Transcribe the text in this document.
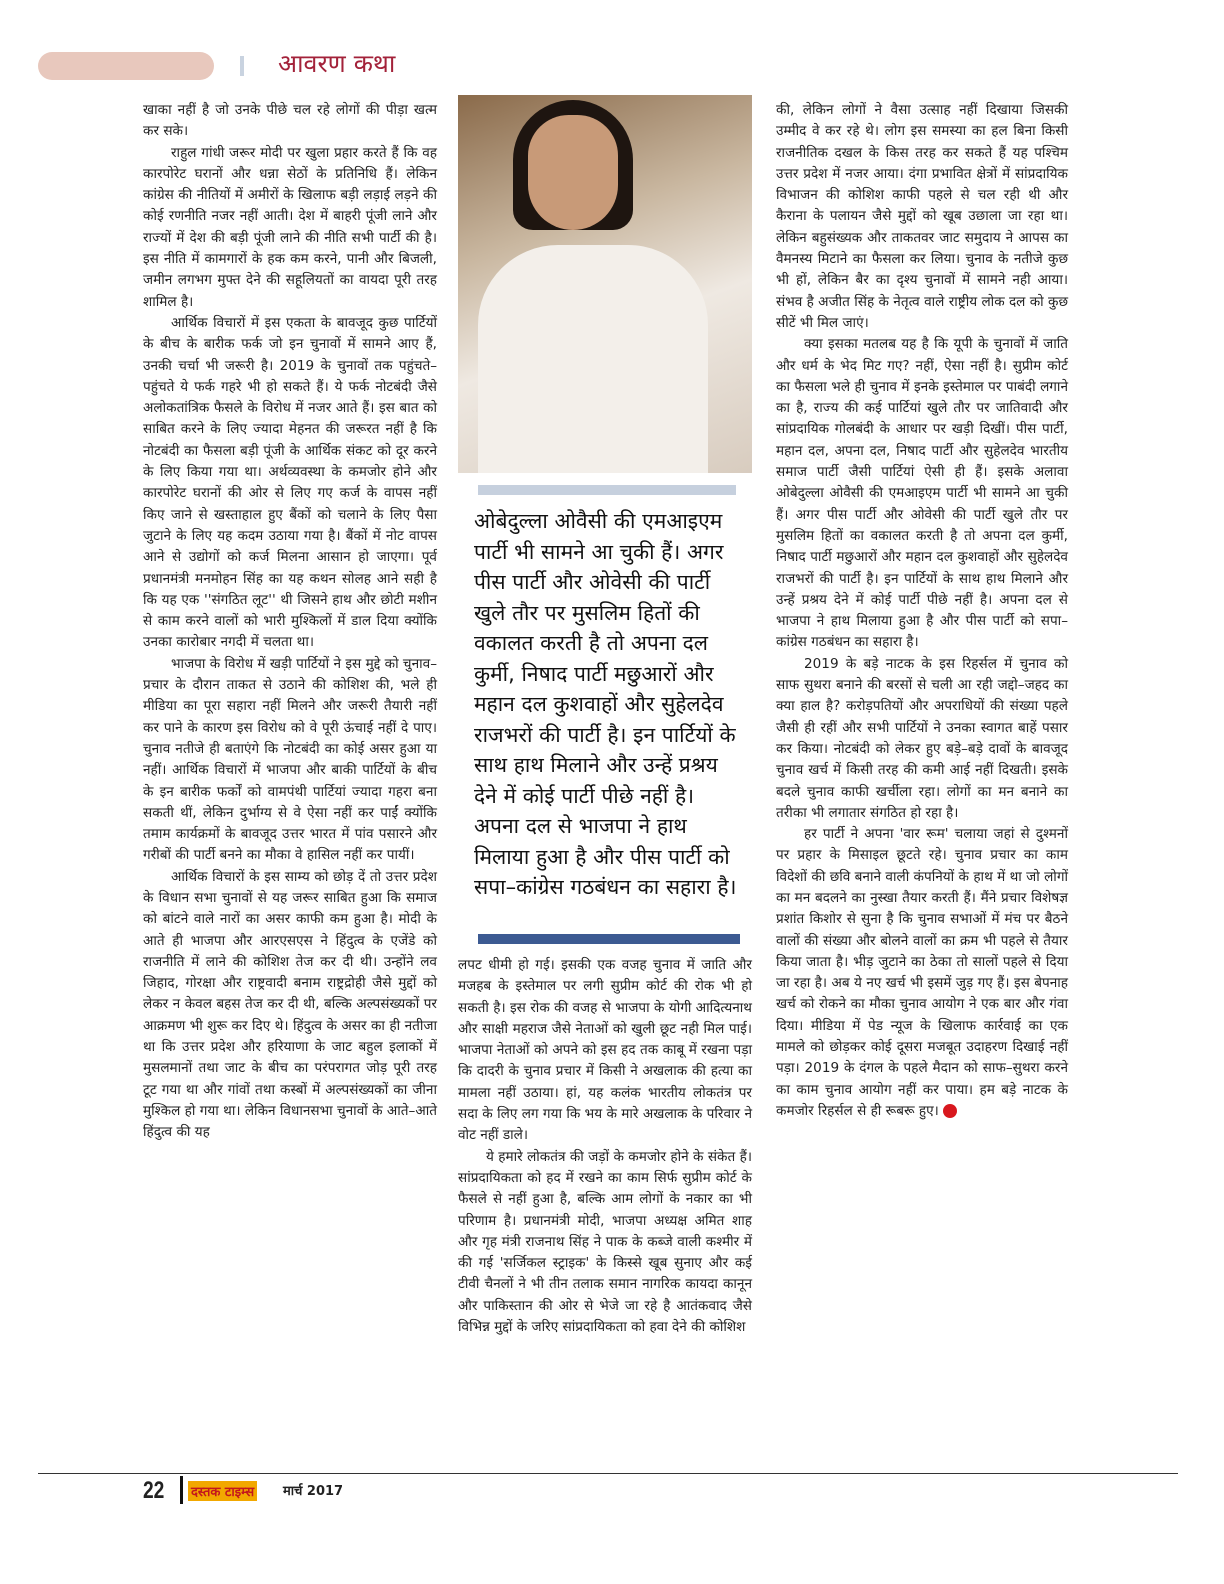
आवरण कथा

खाका नहीं है जो उनके पीछे चल रहे लोगों की पीड़ा खत्म कर सके।

राहुल गांधी जरूर मोदी पर खुला प्रहार करते हैं कि वह कारपोरेट घरानों और धन्ना सेठों के प्रतिनिधि हैं। लेकिन कांग्रेस की नीतियों में अमीरों के खिलाफ बड़ी लड़ाई लड़ने की कोई रणनीति नजर नहीं आती। देश में बाहरी पूंजी लाने और राज्यों में देश की बड़ी पूंजी लाने की नीति सभी पार्टी की है। इस नीति में कामगारों के हक कम करने, पानी और बिजली, जमीन लगभग मुफ्त देने की सहूलियतों का वायदा पूरी तरह शामिल है।

आर्थिक विचारों में इस एकता के बावजूद कुछ पार्टियों के बीच के बारीक फर्क जो इन चुनावों में सामने आए हैं, उनकी चर्चा भी जरूरी है। 2019 के चुनावों तक पहुंचते–पहुंचते ये फर्क गहरे भी हो सकते हैं। ये फर्क नोटबंदी जैसे अलोकतांत्रिक फैसले के विरोध में नजर आते हैं। इस बात को साबित करने के लिए ज्यादा मेहनत की जरूरत नहीं है कि नोटबंदी का फैसला बड़ी पूंजी के आर्थिक संकट को दूर करने के लिए किया गया था। अर्थव्यवस्था के कमजोर होने और कारपोरेट घरानों की ओर से लिए गए कर्ज के वापस नहीं किए जाने से खस्ताहाल हुए बैंकों को चलाने के लिए पैसा जुटाने के लिए यह कदम उठाया गया है। बैंकों में नोट वापस आने से उद्योगों को कर्ज मिलना आसान हो जाएगा। पूर्व प्रधानमंत्री मनमोहन सिंह का यह कथन सोलह आने सही है कि यह एक ''संगठित लूट'' थी जिसने हाथ और छोटी मशीन से काम करने वालों को भारी मुश्किलों में डाल दिया क्योंकि उनका कारोबार नगदी में चलता था।

भाजपा के विरोध में खड़ी पार्टियों ने इस मुद्दे को चुनाव–प्रचार के दौरान ताकत से उठाने की कोशिश की, भले ही मीडिया का पूरा सहारा नहीं मिलने और जरूरी तैयारी नहीं कर पाने के कारण इस विरोध को वे पूरी ऊंचाई नहीं दे पाए। चुनाव नतीजे ही बताएंगे कि नोटबंदी का कोई असर हुआ या नहीं। आर्थिक विचारों में भाजपा और बाकी पार्टियों के बीच के इन बारीक फर्कों को वामपंथी पार्टियां ज्यादा गहरा बना सकती थीं, लेकिन दुर्भाग्य से वे ऐसा नहीं कर पाईं क्योंकि तमाम कार्यक्रमों के बावजूद उत्तर भारत में पांव पसारने और गरीबों की पार्टी बनने का मौका वे हासिल नहीं कर पायीं।

आर्थिक विचारों के इस साम्य को छोड़ दें तो उत्तर प्रदेश के विधान सभा चुनावों से यह जरूर साबित हुआ कि समाज को बांटने वाले नारों का असर काफी कम हुआ है। मोदी के आते ही भाजपा और आरएसएस ने हिंदुत्व के एजेंडे को राजनीति में लाने की कोशिश तेज कर दी थी। उन्होंने लव जिहाद, गोरक्षा और राष्ट्रवादी बनाम राष्ट्रद्रोही जैसे मुद्दों को लेकर न केवल बहस तेज कर दी थी, बल्कि अल्पसंख्यकों पर आक्रमण भी शुरू कर दिए थे। हिंदुत्व के असर का ही नतीजा था कि उत्तर प्रदेश और हरियाणा के जाट बहुल इलाकों में मुसलमानों तथा जाट के बीच का परंपरागत जोड़ पूरी तरह टूट गया था और गांवों तथा कस्बों में अल्पसंख्यकों का जीना मुश्किल हो गया था। लेकिन विधानसभा चुनावों के आते–आते हिंदुत्व की यह

ओबेदुल्ला ओवैसी की एमआइएम पार्टी भी सामने आ चुकी हैं। अगर पीस पार्टी और ओवेसी की पार्टी खुले तौर पर मुसलिम हितों की वकालत करती है तो अपना दल कुर्मी, निषाद पार्टी मछुआरों और महान दल कुशवाहों और सुहेलदेव राजभरों की पार्टी है। इन पार्टियों के साथ हाथ मिलाने और उन्हें प्रश्रय देने में कोई पार्टी पीछे नहीं है। अपना दल से भाजपा ने हाथ मिलाया हुआ है और पीस पार्टी को सपा–कांग्रेस गठबंधन का सहारा है।

लपट धीमी हो गई। इसकी एक वजह चुनाव में जाति और मजहब के इस्तेमाल पर लगी सुप्रीम कोर्ट की रोक भी हो सकती है। इस रोक की वजह से भाजपा के योगी आदित्यनाथ और साक्षी महराज जैसे नेताओं को खुली छूट नही मिल पाई। भाजपा नेताओं को अपने को इस हद तक काबू में रखना पड़ा कि दादरी के चुनाव प्रचार में किसी ने अखलाक की हत्या का मामला नहीं उठाया। हां, यह कलंक भारतीय लोकतंत्र पर सदा के लिए लग गया कि भय के मारे अखलाक के परिवार ने वोट नहीं डाले।

ये हमारे लोकतंत्र की जड़ों के कमजोर होने के संकेत हैं। सांप्रदायिकता को हद में रखने का काम सिर्फ सुप्रीम कोर्ट के फैसले से नहीं हुआ है, बल्कि आम लोगों के नकार का भी परिणाम है। प्रधानमंत्री मोदी, भाजपा अध्यक्ष अमित शाह और गृह मंत्री राजनाथ सिंह ने पाक के कब्जे वाली कश्मीर में की गई 'सर्जिकल स्ट्राइक' के किस्से खूब सुनाए और कई टीवी चैनलों ने भी तीन तलाक समान नागरिक कायदा कानून और पाकिस्तान की ओर से भेजे जा रहे है आतंकवाद जैसे विभिन्न मुद्दों के जरिए सांप्रदायिकता को हवा देने की कोशिश

की, लेकिन लोगों ने वैसा उत्साह नहीं दिखाया जिसकी उम्मीद वे कर रहे थे। लोग इस समस्या का हल बिना किसी राजनीतिक दखल के किस तरह कर सकते हैं यह पश्चिम उत्तर प्रदेश में नजर आया। दंगा प्रभावित क्षेत्रों में सांप्रदायिक विभाजन की कोशिश काफी पहले से चल रही थी और कैराना के पलायन जैसे मुद्दों को खूब उछाला जा रहा था। लेकिन बहुसंख्यक और ताकतवर जाट समुदाय ने आपस का वैमनस्य मिटाने का फैसला कर लिया। चुनाव के नतीजे कुछ भी हों, लेकिन बैर का दृश्य चुनावों में सामने नही आया। संभव है अजीत सिंह के नेतृत्व वाले राष्ट्रीय लोक दल को कुछ सीटें भी मिल जाएं।

क्या इसका मतलब यह है कि यूपी के चुनावों में जाति और धर्म के भेद मिट गए? नहीं, ऐसा नहीं है। सुप्रीम कोर्ट का फैसला भले ही चुनाव में इनके इस्तेमाल पर पाबंदी लगाने का है, राज्य की कई पार्टियां खुले तौर पर जातिवादी और सांप्रदायिक गोलबंदी के आधार पर खड़ी दिखीं। पीस पार्टी, महान दल, अपना दल, निषाद पार्टी और सुहेलदेव भारतीय समाज पार्टी जैसी पार्टियां ऐसी ही हैं। इसके अलावा ओबेदुल्ला ओवैसी की एमआइएम पार्टी भी सामने आ चुकी हैं। अगर पीस पार्टी और ओवेसी की पार्टी खुले तौर पर मुसलिम हितों का वकालत करती है तो अपना दल कुर्मी, निषाद पार्टी मछुआरों और महान दल कुशवाहों और सुहेलदेव राजभरों की पार्टी है। इन पार्टियों के साथ हाथ मिलाने और उन्हें प्रश्रय देने में कोई पार्टी पीछे नहीं है। अपना दल से भाजपा ने हाथ मिलाया हुआ है और पीस पार्टी को सपा–कांग्रेस गठबंधन का सहारा है।

2019 के बड़े नाटक के इस रिहर्सल में चुनाव को साफ सुथरा बनाने की बरसों से चली आ रही जद्दो–जहद का क्या हाल है? करोड़पतियों और अपराधियों की संख्या पहले जैसी ही रहीं और सभी पार्टियों ने उनका स्वागत बाहें पसार कर किया। नोटबंदी को लेकर हुए बड़े–बड़े दावों के बावजूद चुनाव खर्च में किसी तरह की कमी आई नहीं दिखती। इसके बदले चुनाव काफी खर्चीला रहा। लोगों का मन बनाने का तरीका भी लगातार संगठित हो रहा है।

हर पार्टी ने अपना 'वार रूम' चलाया जहां से दुश्मनों पर प्रहार के मिसाइल छूटते रहे। चुनाव प्रचार का काम विदेशों की छवि बनाने वाली कंपनियों के हाथ में था जो लोगों का मन बदलने का नुस्खा तैयार करती हैं। मैंने प्रचार विशेषज्ञ प्रशांत किशोर से सुना है कि चुनाव सभाओं में मंच पर बैठने वालों की संख्या और बोलने वालों का क्रम भी पहले से तैयार किया जाता है। भीड़ जुटाने का ठेका तो सालों पहले से दिया जा रहा है। अब ये नए खर्च भी इसमें जुड़ गए हैं। इस बेपनाह खर्च को रोकने का मौका चुनाव आयोग ने एक बार और गंवा दिया। मीडिया में पेड न्यूज के खिलाफ कार्रवाई का एक मामले को छोड़कर कोई दूसरा मजबूत उदाहरण दिखाई नहीं पड़ा। 2019 के दंगल के पहले मैदान को साफ–सुथरा करने का काम चुनाव आयोग नहीं कर पाया। हम बड़े नाटक के कमजोर रिहर्सल से ही रूबरू हुए।

22 दस्तक टाइम्स मार्च 2017
